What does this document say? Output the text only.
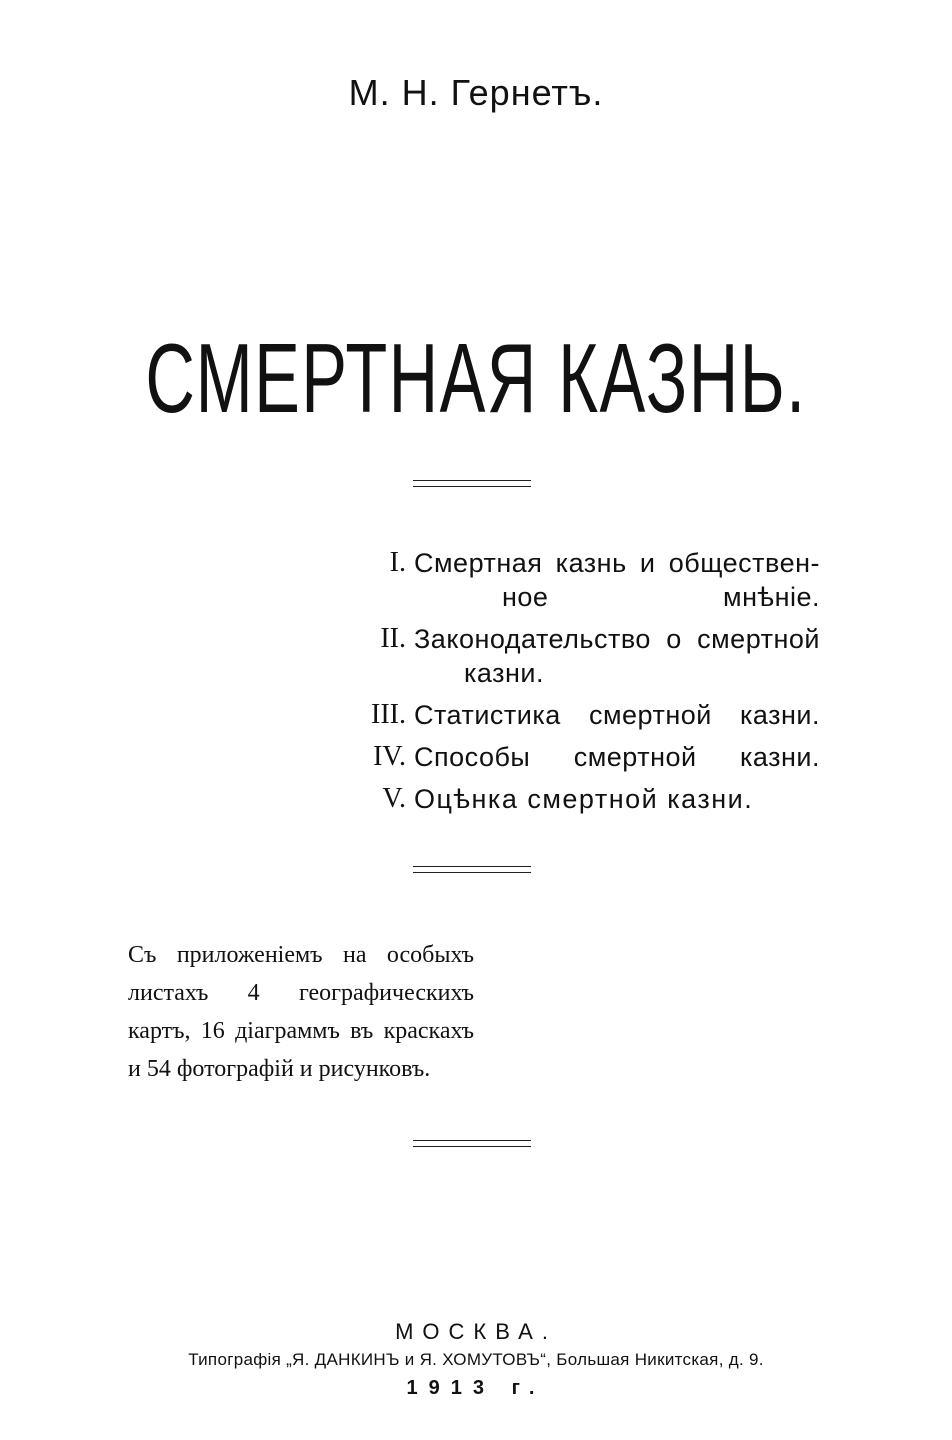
М. Н. Гернетъ.
СМЕРТНАЯ КАЗНЬ.
I. Смертная казнь и обществен-
ное мнѣніе.
II. Законодательство о смертной
казни.
III. Статистика смертной казни.
IV. Способы смертной казни.
V. Оцѣнка смертной казни.

Съ приложеніемъ на особыхъ
листахъ 4 географическихъ
картъ, 16 діаграммъ въ краскахъ
и 54 фотографій и рисунковъ.

МОСКВА.
Типографія „Я. ДАНКИНЪ и Я. ХОМУТОВЪ“, Большая Никитская, д. 9.
1913 г.
